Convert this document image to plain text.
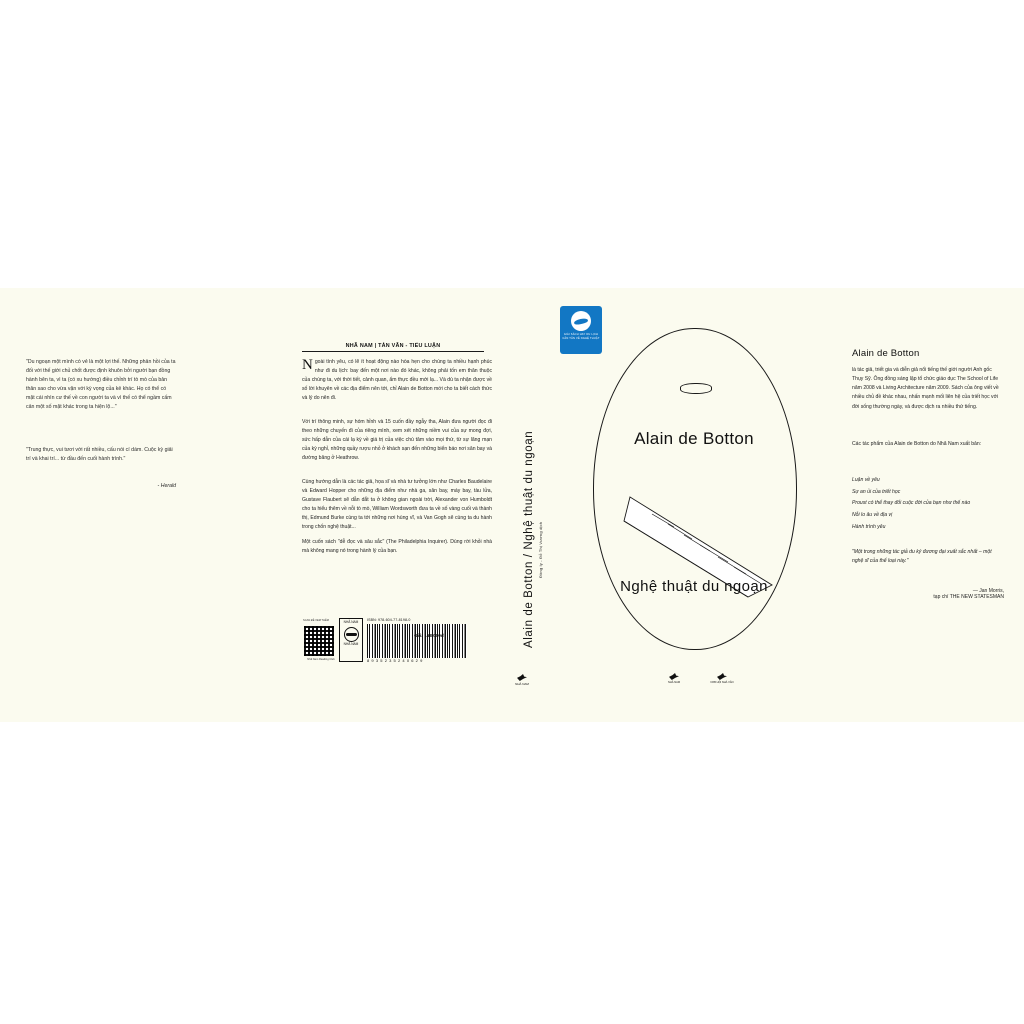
"Du ngoạn một mình có vẻ là một lợi thế. Những phản hồi của ta đối với thế giới chủ chốt được định khuôn bởi người bạn đồng hành bên ta, vì ta (có xu hướng) điều chỉnh trí tò mò của bản thân sao cho vừa vặn với kỳ vọng của kẻ khác. Họ có thể có mặt cái nhìn cư thế về con người ta và vì thế có thể ngầm cấm cản một số mặt khác trong ta hiện lộ..."
"Trung thực, vui tươi với rất nhiều, cấu nói cí dám. Cuộc kỳ giải trí và khai trí... từ đầu đến cuối hành trình."
- Herald
NHÃ NAM | TẢN VĂN - TIỂU LUẬN
Ngoài tình yêu, có lẽ ít hoạt động nào hòa hẹn cho chúng ta nhiều hạnh phúc như đi du lịch: bay đến một nơi nào đó khác, không phải tốn em thân thuộc của chúng ta, với thời tiết, cảnh quan, ẩm thực đều mới lạ... Và dù ta nhận được về số lời khuyên về các địa điểm nên tới, chỉ Alain de Botton mới cho ta biết cách thức và lý do nên đi.
Với trí thông minh, sự hóm hỉnh và 15 cuốn đầy ngẫy tha, Alain đưa người đọc đi theo những chuyến đi của riêng mình, xem xét những niềm vui của sự mong đợi, sức hấp dẫn của cái lạ kỳ về giá trị của việc chú tâm vào mọi thứ, từ sự lãng mạn của kỳ nghỉ, những quầy rượu nhỏ ở khách sạn đến những biển báo nơi sân bay và đường băng ở Heathrow.
Cùng hướng dẫn là các tác giả, họa sĩ và nhà tư tưởng lớn như Charles Baudelaire và Edward Hopper cho những địa điểm như nhà ga, sân bay, máy bay, tàu lửa, Gustave Flaubert sẽ dẫn dắt ta ở không gian ngoài trời, Alexander von Humboldt cho ta hiểu thêm về nỗi tò mò, William Wordsworth đưa ta về số vàng cuối và thành thị, Edmund Burke cùng ta tới những nơi hùng vĩ, và Van Gogh sẽ cùng ta du hành trong chốn nghệ thuật...
Một cuốn sách "dễ đọc và sâu sắc" (The Philadelphia Inquirer). Dùng rời khỏi nhà mà không mang nó trong hành lý của bạn.
SCAN ĐỂ XEM THÊM
Nhã Nam Reading Club
NHÃ NAM
NHÃ NAM
ISBN: 978-604-77-8198-0
Giá: 168.000đ
8935235240629
Alain de Botton / Nghệ thuật du ngoạn Đồng ly - Đỗ Thị Vương dịch
NHÃ NAM
GIẢI SÁCH HAY DU LỊCH CÂN TÂN VỀ NGHỆ THUẬT
Alain de Botton
Nghệ thuật du ngoạn
NHÃ NAM	NXB HỘI NHÀ VĂN
Alain de Botton
là tác giả, triết gia và diễn giả nổi tiếng thế giới người Anh gốc Thụy Sỹ. Ông đồng sáng lập tổ chức giáo dục The School of Life năm 2008 và Living Architecture năm 2009. Sách của ông viết về nhiều chủ đề khác nhau, nhấn mạnh mối liên hệ của triết học với đời sống thường ngày, và được dịch ra nhiều thứ tiếng.
Các tác phẩm của Alain de Botton do Nhã Nam xuất bản:
Luận về yêu
Sự an ủi của triết học
Proust có thể thay đổi cuộc đời của bạn như thế nào
Nỗi lo âu về địa vị
Hành trình yêu
"Một trong những tác giả du ký đương đại xuất sắc nhất – một nghệ sĩ của thể loại này."
— Jan Morris,
tạp chí THE NEW STATESMAN
